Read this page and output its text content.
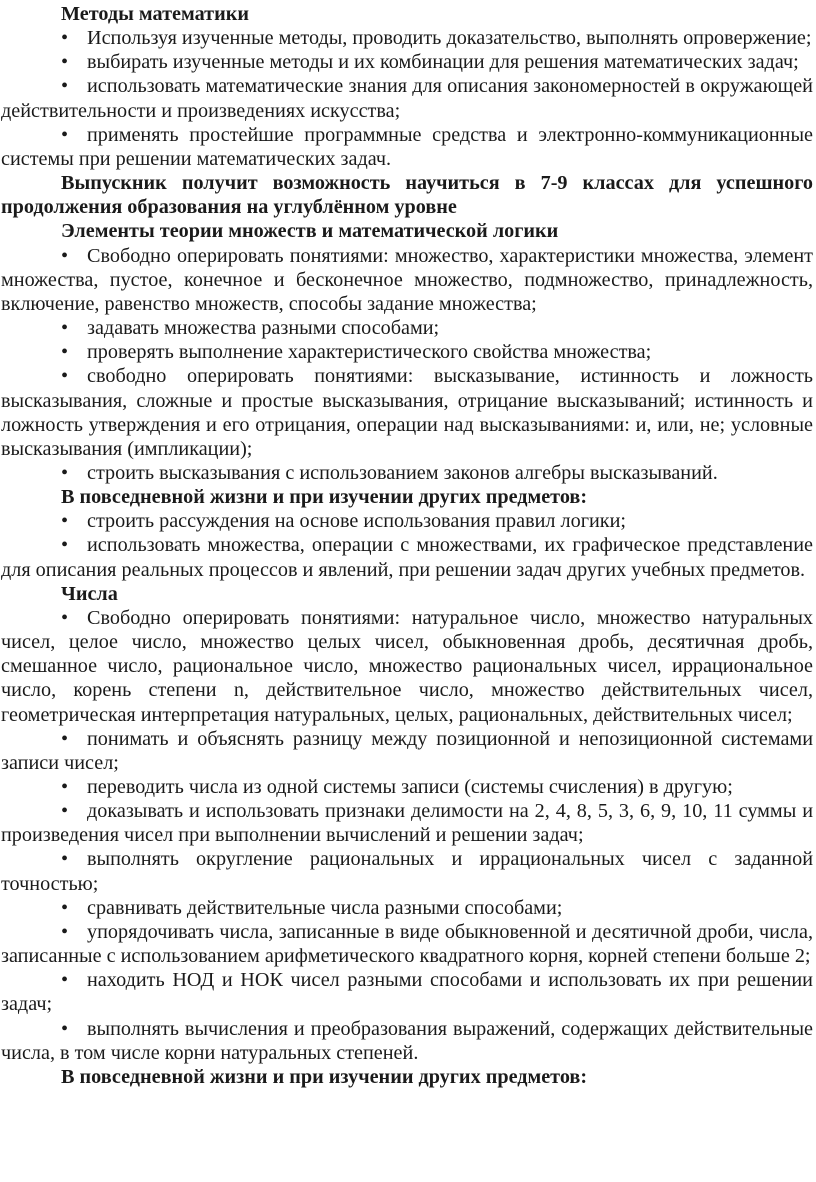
Методы математики

• Используя изученные методы, проводить доказательство, выполнять опровержение;

• выбирать изученные методы и их комбинации для решения математических задач;

• использовать математические знания для описания закономерностей в окружающей действительности и произведениях искусства;

• применять простейшие программные средства и электронно-коммуникационные системы при решении математических задач.

Выпускник получит возможность научиться в 7-9 классах для успешного продолжения образования на углублённом уровне

Элементы теории множеств и математической логики

• Свободно оперировать понятиями: множество, характеристики множества, элемент множества, пустое, конечное и бесконечное множество, подмножество, принадлежность, включение, равенство множеств, способы задание множества;

• задавать множества разными способами;

• проверять выполнение характеристического свойства множества;

• свободно оперировать понятиями: высказывание, истинность и ложность высказывания, сложные и простые высказывания, отрицание высказываний; истинность и ложность утверждения и его отрицания, операции над высказываниями: и, или, не; условные высказывания (импликации);

• строить высказывания с использованием законов алгебры высказываний.

В повседневной жизни и при изучении других предметов:

• строить рассуждения на основе использования правил логики;

• использовать множества, операции с множествами, их графическое представление для описания реальных процессов и явлений, при решении задач других учебных предметов.

Числа

• Свободно оперировать понятиями: натуральное число, множество натуральных чисел, целое число, множество целых чисел, обыкновенная дробь, десятичная дробь, смешанное число, рациональное число, множество рациональных чисел, иррациональное число, корень степени n, действительное число, множество действительных чисел, геометрическая интерпретация натуральных, целых, рациональных, действительных чисел;

• понимать и объяснять разницу между позиционной и непозиционной системами записи чисел;

• переводить числа из одной системы записи (системы счисления) в другую;

• доказывать и использовать признаки делимости на 2, 4, 8, 5, 3, 6, 9, 10, 11 суммы и произведения чисел при выполнении вычислений и решении задач;

• выполнять округление рациональных и иррациональных чисел с заданной точностью;

• сравнивать действительные числа разными способами;

• упорядочивать числа, записанные в виде обыкновенной и десятичной дроби, числа, записанные с использованием арифметического квадратного корня, корней степени больше 2;

• находить НОД и НОК чисел разными способами и использовать их при решении задач;

• выполнять вычисления и преобразования выражений, содержащих действительные числа, в том числе корни натуральных степеней.

В повседневной жизни и при изучении других предметов:
